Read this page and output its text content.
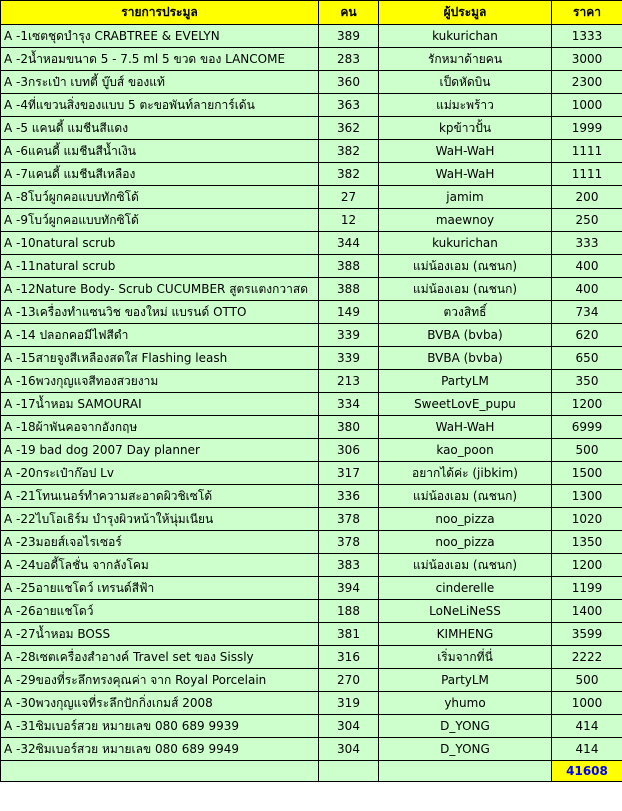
รายการประมูล	คน	ผู้ประมูล	ราคา
A -1เซตชุดบำรุง CRABTREE & EVELYN	389	kukurichan	1333
A -2น้ำหอมขนาด 5 - 7.5 ml 5 ขวด ของ LANCOME	283	รักหมาด้ายคน	3000
A -3กระเป๋า เบทตี้ บู๊บส์ ของแท้	360	เป็ดหัดบิน	2300
A -4ที่แขวนสิ่งของแบบ 5 ตะขอพันท์ลายการ์เด้น	363	แม่มะพร้าว	1000
A -5 แคนดี้ แมชีนสีแดง	362	kpข้าวปั้น	1999
A -6แคนดี้ แมชีนสีน้ำเงิน	382	WaH-WaH	1111
A -7แคนดี้ แมชีนสีเหลือง	382	WaH-WaH	1111
A -8โบว์ผูกคอแบบทักซิโด้	27	jamim	200
A -9โบว์ผูกคอแบบทักซิโด้	12	maewnoy	250
A -10natural scrub	344	kukurichan	333
A -11natural scrub	388	แม่น้องเอม (ณชนก)	400
A -12Nature Body- Scrub CUCUMBER สูตรแตงกวาสด	388	แม่น้องเอม (ณชนก)	400
A -13เครื่องทำแซนวิช ของใหม่ แบรนด์ OTTO	149	ตวงสิทธิ์	734
A -14 ปลอกคอมีไฟสีดำ	339	BVBA (bvba)	620
A -15สายจูงสีเหลืองสดใส Flashing leash	339	BVBA (bvba)	650
A -16พวงกุญแจสีทองสวยงาม	213	PartyLM	350
A -17น้ำหอม SAMOURAI	334	SweetLovE_pupu	1200
A -18ผ้าพันคอจากอังกฤษ	380	WaH-WaH	6999
A -19 bad dog 2007 Day planner	306	kao_poon	500
A -20กระเป๋าก๊อป Lv	317	อยากได้ค่ะ (jibkim)	1500
A -21โทนเนอร์ทำความสะอาดผิวชิเซโด้	336	แม่น้องเอม (ณชนก)	1300
A -22ไบโอเธิร์ม บำรุงผิวหน้าให้นุ่มเนียน	378	noo_pizza	1020
A -23มอยส์เจอไรเซอร์	378	noo_pizza	1350
A -24บอดี้โลชั่น จากลังโคม	383	แม่น้องเอม (ณชนก)	1200
A -25อายแชโดว์ เทรนด์สีฟ้า	394	cinderelle	1199
A -26อายแชโดว์	188	LoNeLiNeSS	1400
A -27น้ำหอม BOSS	381	KIMHENG	3599
A -28เซตเครื่องสำอางค์ Travel set ของ Sissly	316	เริ่มจากที่นี่	2222
A -29ของที่ระลึกทรงคุณค่า จาก Royal Porcelain	270	PartyLM	500
A -30พวงกุญแจที่ระลึกปักกิ่งเกมส์ 2008	319	yhumo	1000
A -31ซิมเบอร์สวย หมายเลข 080 689 9939	304	D_YONG	414
A -32ซิมเบอร์สวย หมายเลข 080 689 9949	304	D_YONG	414
			41608
